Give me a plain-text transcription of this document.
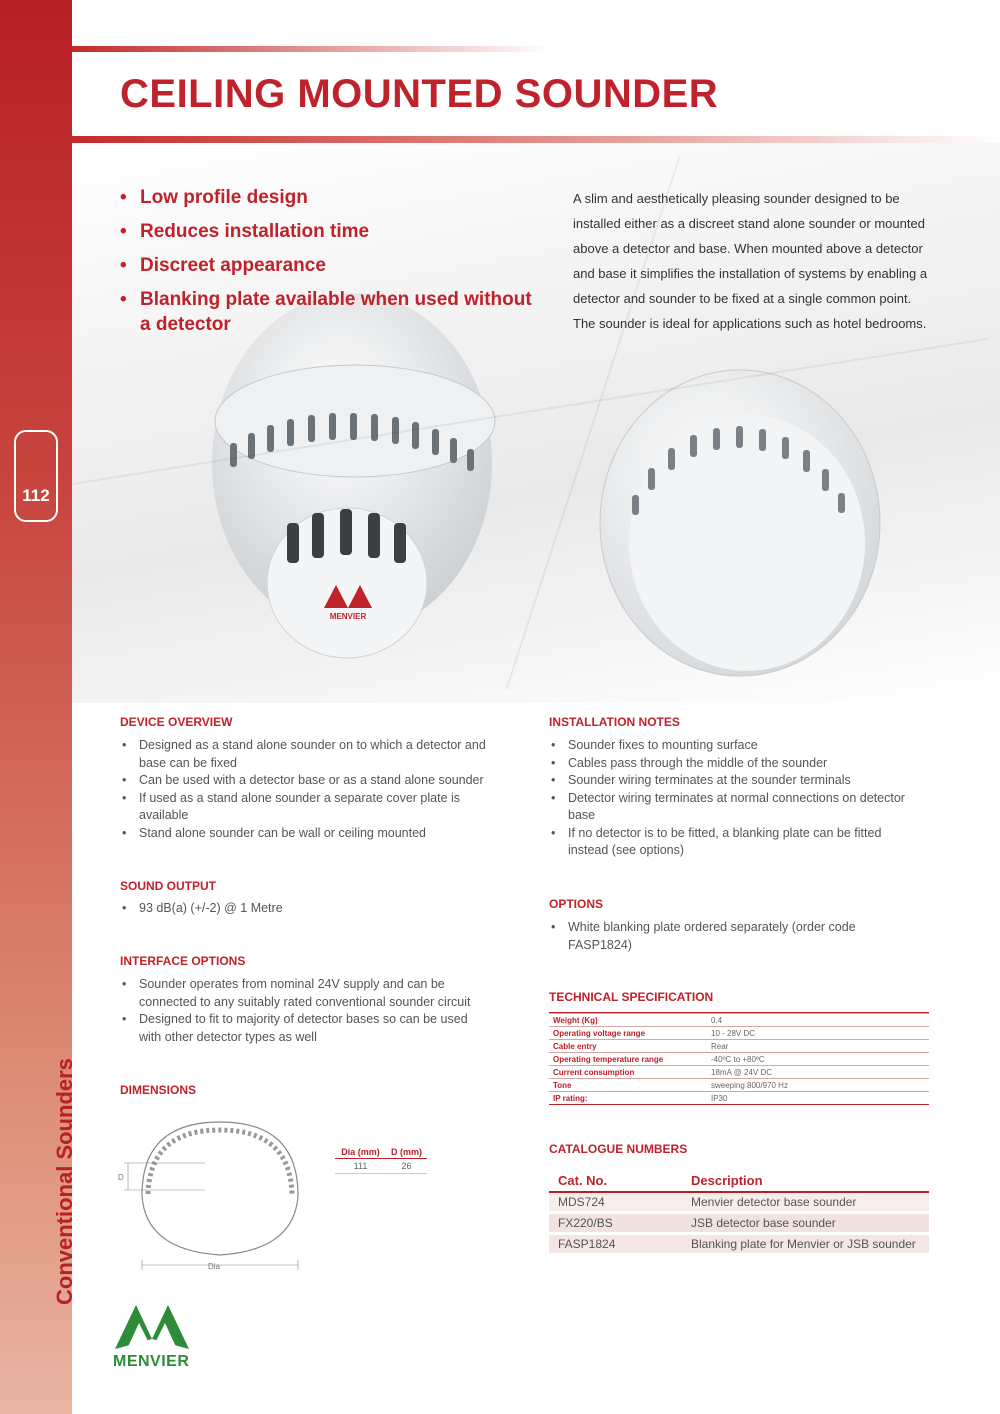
112
Conventional Sounders
CEILING MOUNTED SOUNDER
MENVIER
• Low profile design
• Reduces installation time
• Discreet appearance
• Blanking plate available when used without a detector

A slim and aesthetically pleasing sounder designed to be installed either as a discreet stand alone sounder or mounted above a detector and base. When mounted above a detector and base it simplifies the installation of systems by enabling a detector and sounder to be fixed at a single common point. The sounder is ideal for applications such as hotel bedrooms.

DEVICE OVERVIEW
• Designed as a stand alone sounder on to which a detector and base can be fixed
• Can be used with a detector base or as a stand alone sounder
• If used as a stand alone sounder a separate cover plate is available
• Stand alone sounder can be wall or ceiling mounted
SOUND OUTPUT
• 93 dB(a) (+/-2) @ 1 Metre
INTERFACE OPTIONS
• Sounder operates from nominal 24V supply and can be connected to any suitably rated conventional sounder circuit
• Designed to fit to majority of detector bases so can be used with other detector types as well
DIMENSIONS
D
Dia
Dia (mm)	D (mm)
111	26
INSTALLATION NOTES
• Sounder fixes to mounting surface
• Cables pass through the middle of the sounder
• Sounder wiring terminates at the sounder terminals
• Detector wiring terminates at normal connections on detector base
• If no detector is to be fitted, a blanking plate can be fitted instead (see options)
OPTIONS
• White blanking plate ordered separately (order code FASP1824)
TECHNICAL SPECIFICATION
Weight (Kg)	0.4
Operating voltage range	10 - 28V DC
Cable entry	Rear
Operating temperature range	-40ºC to +80ºC
Current consumption	18mA @ 24V DC
Tone	sweeping 800/970 Hz
IP rating:	IP30
CATALOGUE NUMBERS
Cat. No.	Description
MDS724	Menvier detector base sounder
FX220/BS	JSB detector base sounder
FASP1824	Blanking plate for Menvier or JSB sounder
MENVIER
